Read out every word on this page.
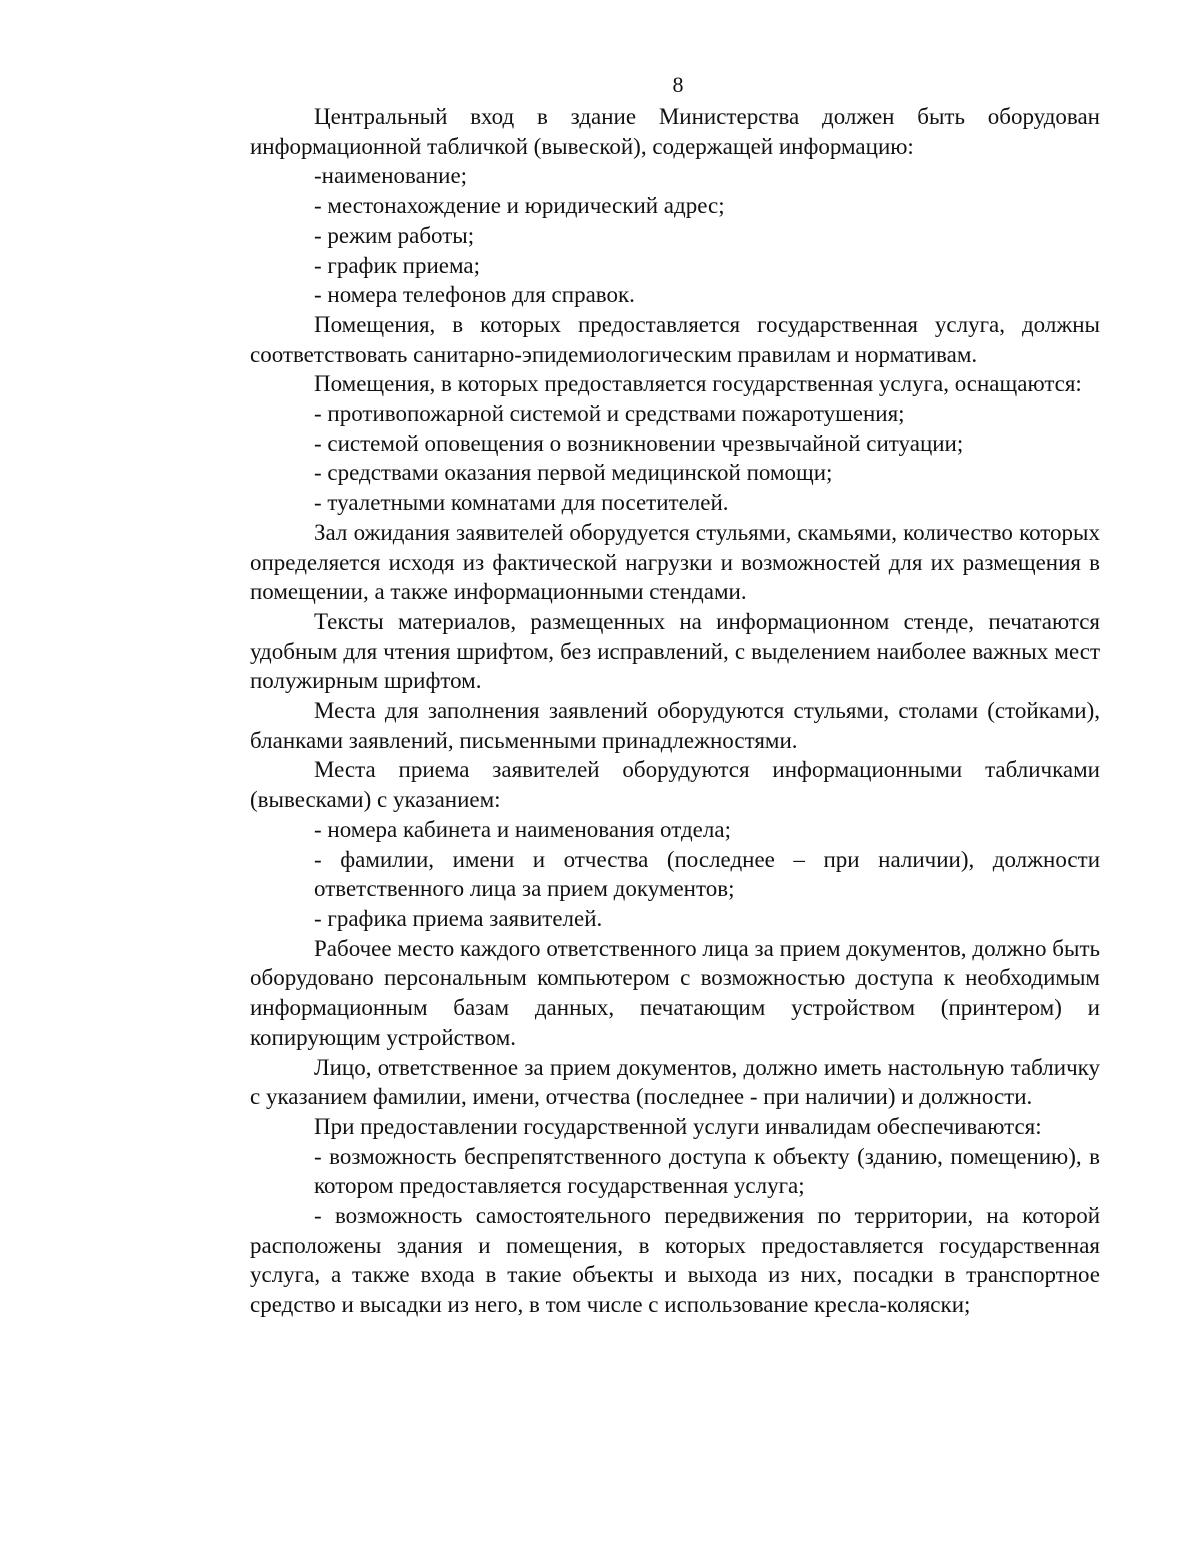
8

Центральный вход в здание Министерства должен быть оборудован информационной табличкой (вывеской), содержащей информацию:

-наименование;

- местонахождение и юридический адрес;

- режим работы;

- график приема;

- номера телефонов для справок.

Помещения, в которых предоставляется государственная услуга, должны соответствовать санитарно-эпидемиологическим правилам и нормативам.

Помещения, в которых предоставляется государственная услуга, оснащаются:

- противопожарной системой и средствами пожаротушения;

- системой оповещения о возникновении чрезвычайной ситуации;

- средствами оказания первой медицинской помощи;

- туалетными комнатами для посетителей.

Зал ожидания заявителей оборудуется стульями, скамьями, количество которых определяется исходя из фактической нагрузки и возможностей для их размещения в помещении, а также информационными стендами.

Тексты материалов, размещенных на информационном стенде, печатаются удобным для чтения шрифтом, без исправлений, с выделением наиболее важных мест полужирным шрифтом.

Места для заполнения заявлений оборудуются стульями, столами (стойками), бланками заявлений, письменными принадлежностями.

Места приема заявителей оборудуются информационными табличками (вывесками) с указанием:

- номера кабинета и наименования отдела;

- фамилии, имени и отчества (последнее – при наличии), должности ответственного лица за прием документов;

- графика приема заявителей.

Рабочее место каждого ответственного лица за прием документов, должно быть оборудовано персональным компьютером с возможностью доступа к необходимым информационным базам данных, печатающим устройством (принтером) и копирующим устройством.

Лицо, ответственное за прием документов, должно иметь настольную табличку с указанием фамилии, имени, отчества (последнее - при наличии) и должности.

При предоставлении государственной услуги инвалидам обеспечиваются:

- возможность беспрепятственного доступа к объекту (зданию, помещению), в котором предоставляется государственная услуга;

- возможность самостоятельного передвижения по территории, на которой расположены здания и помещения, в которых предоставляется государственная услуга, а также входа в такие объекты и выхода из них, посадки в транспортное средство и высадки из него, в том числе с использование кресла-коляски;
